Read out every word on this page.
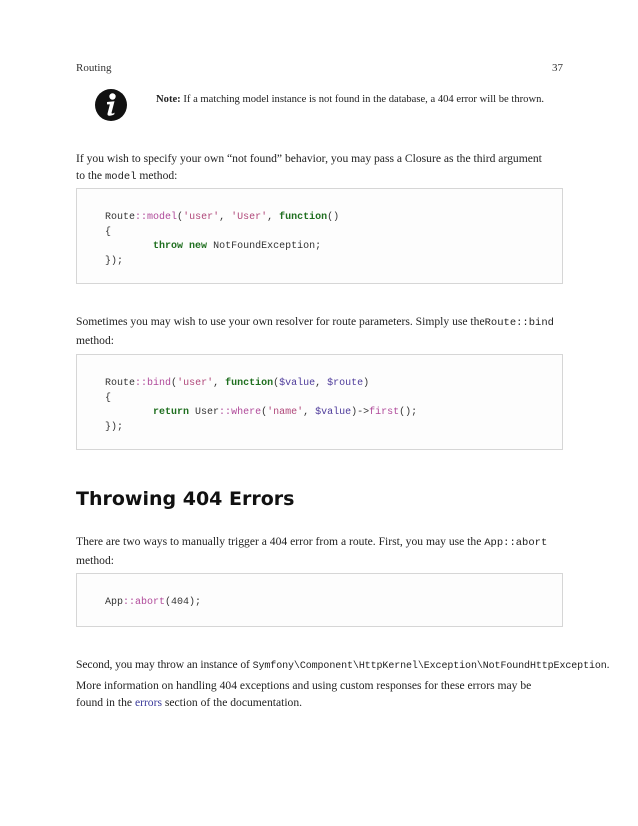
Routing	37
Note: If a matching model instance is not found in the database, a 404 error will be thrown.
If you wish to specify your own “not found” behavior, you may pass a Closure as the third argument
to the model method:
Route::model('user', 'User', function()
{
throw new NotFoundException;
});
Sometimes you may wish to use your own resolver for route parameters. Simply use theRoute::bind
method:
Route::bind('user', function($value, $route)
{
return User::where('name', $value)->first();
});
Throwing 404 Errors
There are two ways to manually trigger a 404 error from a route. First, you may use the App::abort
method:
App::abort(404);
Second, you may throw an instance of Symfony\Component\HttpKernel\Exception\NotFoundHttpException.
More information on handling 404 exceptions and using custom responses for these errors may be
found in the errors section of the documentation.
